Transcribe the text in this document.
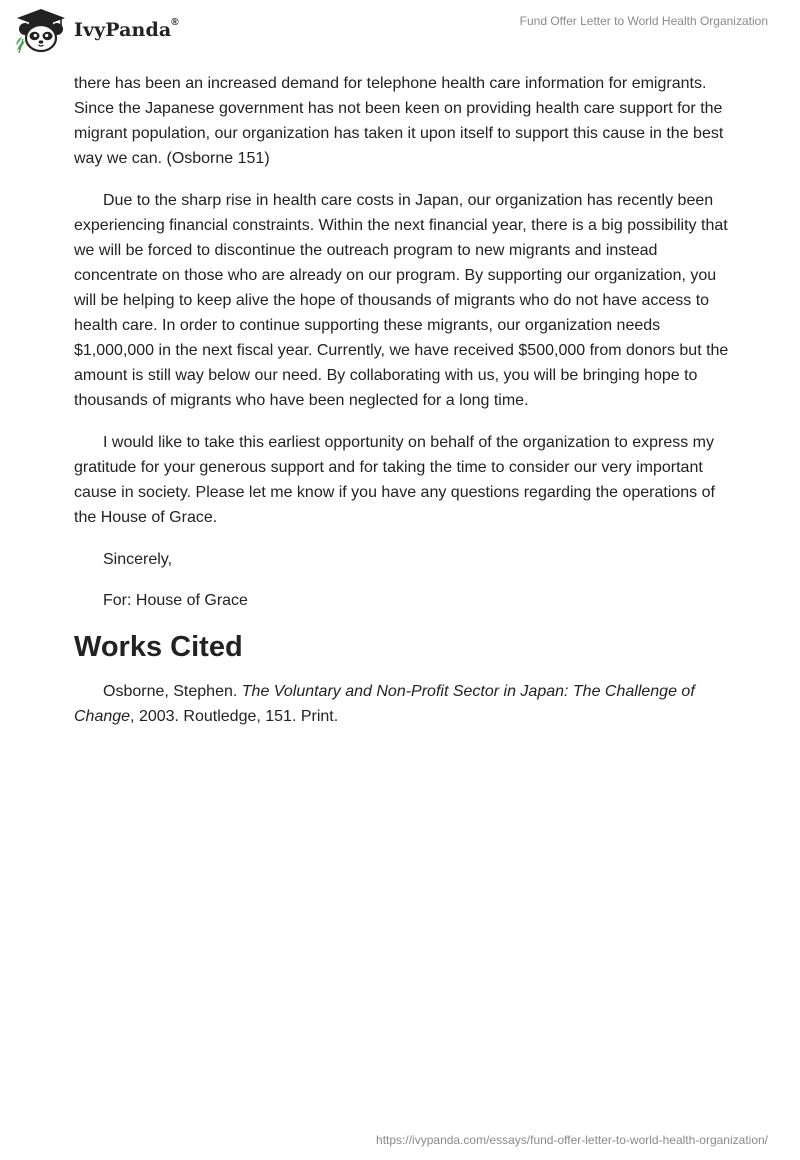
IvyPanda®	Fund Offer Letter to World Health Organization

there has been an increased demand for telephone health care information for emigrants. Since the Japanese government has not been keen on providing health care support for the migrant population, our organization has taken it upon itself to support this cause in the best way we can. (Osborne 151)

Due to the sharp rise in health care costs in Japan, our organization has recently been experiencing financial constraints. Within the next financial year, there is a big possibility that we will be forced to discontinue the outreach program to new migrants and instead concentrate on those who are already on our program. By supporting our organization, you will be helping to keep alive the hope of thousands of migrants who do not have access to health care. In order to continue supporting these migrants, our organization needs $1,000,000 in the next fiscal year. Currently, we have received $500,000 from donors but the amount is still way below our need. By collaborating with us, you will be bringing hope to thousands of migrants who have been neglected for a long time.

I would like to take this earliest opportunity on behalf of the organization to express my gratitude for your generous support and for taking the time to consider our very important cause in society. Please let me know if you have any questions regarding the operations of the House of Grace.

Sincerely,

For: House of Grace

Works Cited

Osborne, Stephen. The Voluntary and Non-Profit Sector in Japan: The Challenge of Change, 2003. Routledge, 151. Print.

https://ivypanda.com/essays/fund-offer-letter-to-world-health-organization/
